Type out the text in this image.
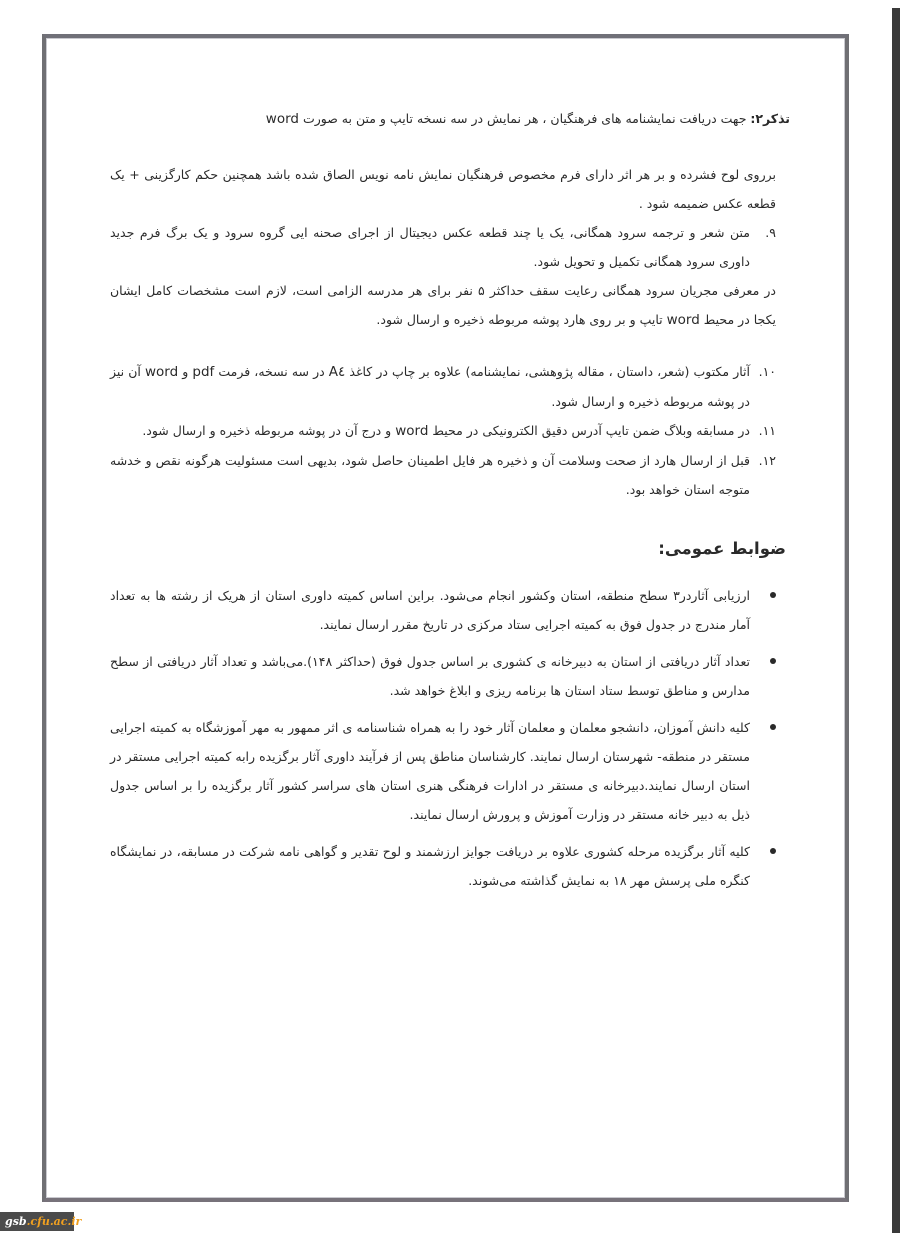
تذکر۲: جهت دریافت نمایشنامه های فرهنگیان ، هر نمایش در سه نسخه تایپ و متن به صورت word

برروی لوح فشرده و بر هر اثر دارای فرم مخصوص فرهنگیان نمایش نامه نویس الصاق شده باشد همچنین حکم کارگزینی + یک قطعه عکس ضمیمه شود .

۹.
متن شعر و ترجمه سرود همگانی، یک یا چند قطعه عکس دیجیتال از اجرای صحنه ایی گروه سرود و یک برگ فرم جدید داوری سرود همگانی تکمیل و تحویل شود.

در معرفی مجریان سرود همگانی رعایت سقف حداکثر ۵ نفر برای هر مدرسه الزامی است، لازم است مشخصات کامل ایشان یکجا در محیط word تایپ و بر روی هارد پوشه مربوطه ذخیره و ارسال شود.

۱۰.
آثار مکتوب (شعر، داستان ، مقاله پژوهشی، نمایشنامه) علاوه بر چاپ در کاغذ A٤ در سه نسخه، فرمت pdf و word آن نیز در پوشه مربوطه ذخیره و ارسال شود.
۱۱.
در مسابقه وبلاگ ضمن تایپ آدرس دقیق الکترونیکی در محیط word و درج آن در پوشه مربوطه ذخیره و ارسال شود.
۱۲.
قبل از ارسال هارد از صحت وسلامت آن و ذخیره هر فایل اطمینان حاصل شود، بدیهی است مسئولیت هرگونه نقص و خدشه متوجه استان خواهد بود.
ضوابط عمومی:
ارزیابی آثاردر۳ سطح منطقه، استان وکشور انجام می‌شود. براین اساس کمیته داوری استان از هریک از رشته ها به تعداد آمار مندرج در جدول فوق به کمیته اجرایی ستاد مرکزی در تاریخ مقرر ارسال نمایند.
تعداد آثار دریافتی از استان به دبیرخانه ی کشوری بر اساس جدول فوق (حداکثر ۱۴۸).می‌باشد و تعداد آثار دریافتی از سطح مدارس و مناطق توسط ستاد استان ها برنامه ریزی و ابلاغ خواهد شد.
کلیه دانش آموزان، دانشجو معلمان و معلمان آثار خود را به همراه شناسنامه ی اثر ممهور به مهر آموزشگاه به کمیته اجرایی مستقر در منطقه- شهرستان ارسال نمایند. کارشناسان مناطق پس از فرآیند داوری آثار برگزیده رابه کمیته اجرایی مستقر در استان ارسال نمایند.دبیرخانه ی مستقر در ادارات فرهنگی هنری استان های سراسر کشور آثار برگزیده را بر اساس جدول ذیل به دبیر خانه مستقر در وزارت آموزش و پرورش ارسال نمایند.
کلیه آثار برگزیده مرحله کشوری علاوه بر دریافت جوایز ارزشمند و لوح تقدیر و گواهی نامه شرکت در مسابقه، در نمایشگاه کنگره ملی پرسش مهر ۱۸ به نمایش گذاشته می‌شوند.
gsb.cfu.ac.ir
